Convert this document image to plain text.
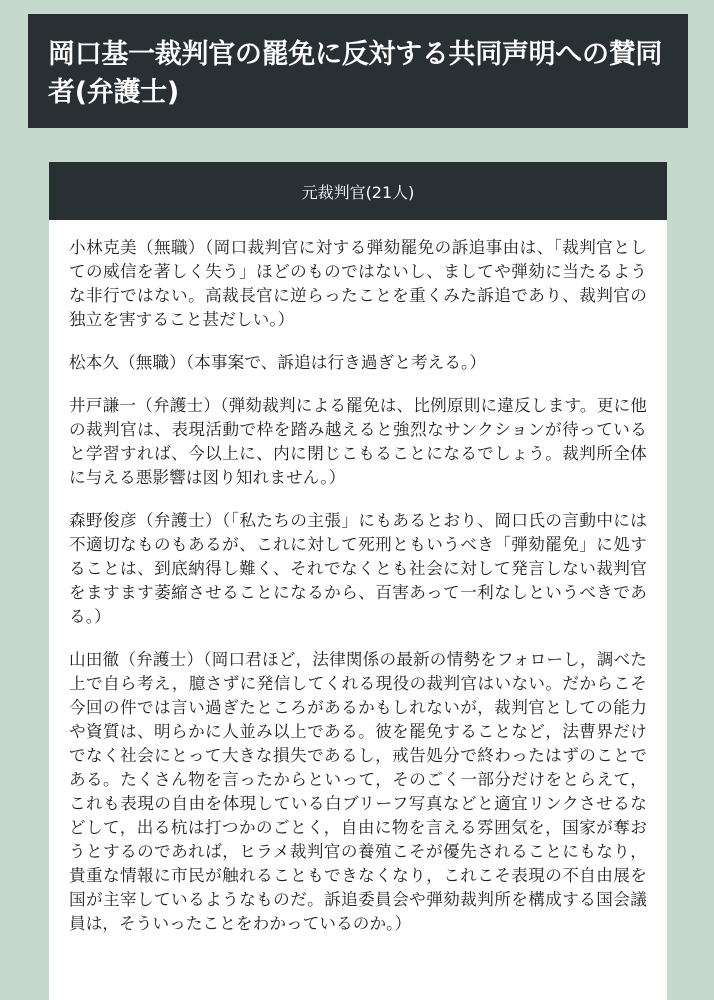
岡口基一裁判官の罷免に反対する共同声明への賛同者(弁護士)
元裁判官(21人)

小林克美（無職）（岡口裁判官に対する弾劾罷免の訴追事由は、「裁判官としての威信を著しく失う」ほどのものではないし、ましてや弾劾に当たるような非行ではない。高裁長官に逆らったことを重くみた訴追であり、裁判官の独立を害すること甚だしい。）

松本久（無職）（本事案で、訴追は行き過ぎと考える。）

井戸謙一（弁護士）（弾劾裁判による罷免は、比例原則に違反します。更に他の裁判官は、表現活動で枠を踏み越えると強烈なサンクションが待っていると学習すれば、今以上に、内に閉じこもることになるでしょう。裁判所全体に与える悪影響は図り知れません。）

森野俊彦（弁護士）（「私たちの主張」にもあるとおり、岡口氏の言動中には不適切なものもあるが、これに対して死刑ともいうべき「弾劾罷免」に処することは、到底納得し難く、それでなくとも社会に対して発言しない裁判官をますます萎縮させることになるから、百害あって一利なしというべきである。）

山田徹（弁護士）（岡口君ほど，法律関係の最新の情勢をフォローし，調べた上で自ら考え，臆さずに発信してくれる現役の裁判官はいない。だからこそ今回の件では言い過ぎたところがあるかもしれないが，裁判官としての能力や資質は、明らかに人並み以上である。彼を罷免することなど，法曹界だけでなく社会にとって大きな損失であるし，戒告処分で終わったはずのことである。たくさん物を言ったからといって，そのごく一部分だけをとらえて，これも表現の自由を体現している白ブリーフ写真などと適宜リンクさせるなどして，出る杭は打つかのごとく，自由に物を言える雰囲気を，国家が奪おうとするのであれば，ヒラメ裁判官の養殖こそが優先されることにもなり，貴重な情報に市民が触れることもできなくなり，これこそ表現の不自由展を国が主宰しているようなものだ。訴追委員会や弾劾裁判所を構成する国会議員は，そういったことをわかっているのか。）
